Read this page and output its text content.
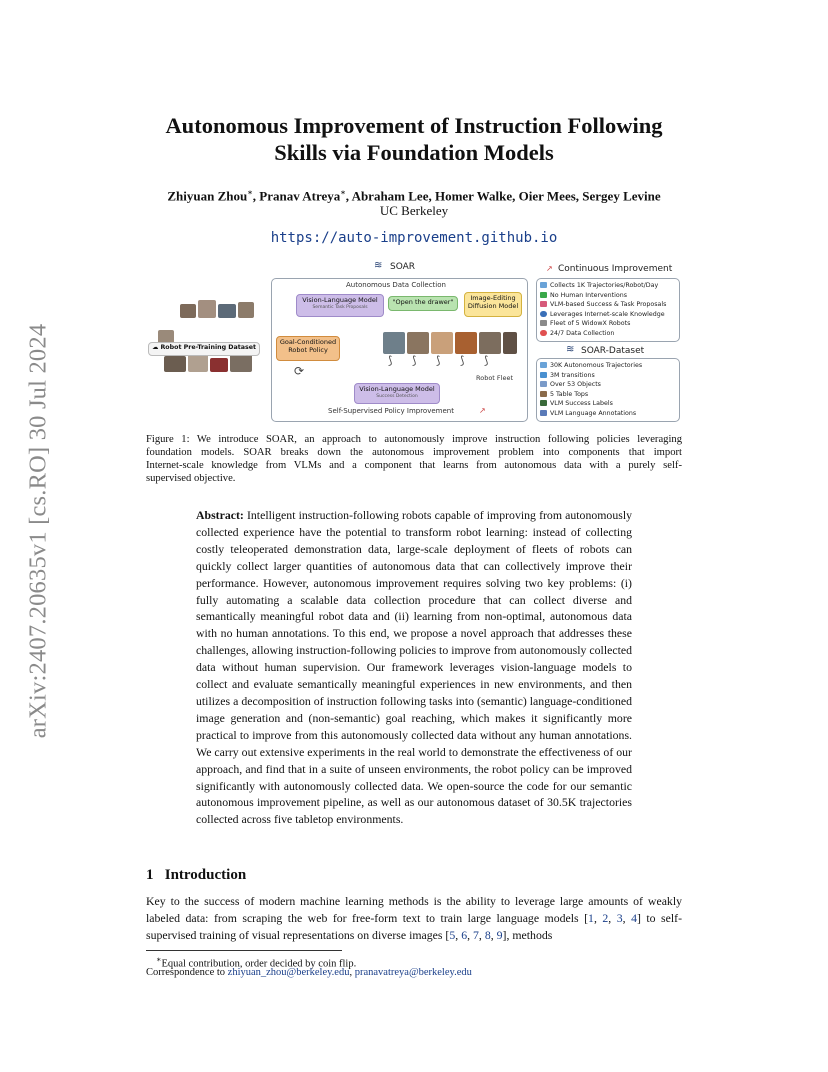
arXiv:2407.20635v1 [cs.RO] 30 Jul 2024
Autonomous Improvement of Instruction Following
Skills via Foundation Models
Zhiyuan Zhou∗, Pranav Atreya∗, Abraham Lee, Homer Walke, Oier Mees, Sergey Levine
UC Berkeley
https://auto-improvement.github.io
≋ SOAR
Autonomous Data Collection
Vision-Language Model
Semantic Task Proposals
"Open the drawer"	Image-Editing
Diffusion Model
☁ Robot Pre-Training Dataset
Goal-Conditioned
Robot Policy
⟳
⟆ ⟆ ⟆ ⟆ ⟆
Robot Fleet
Vision-Language Model
Success Detection
Self-Supervised Policy Improvement	↗
↗ Continuous Improvement
Collects 1K Trajectories/Robot/Day
No Human Interventions
VLM-based Success & Task Proposals
Leverages Internet-scale Knowledge
Fleet of 5 WidowX Robots
24/7 Data Collection
≋ SOAR-Dataset
30K Autonomous Trajectories
3M transitions
Over 53 Objects
5 Table Tops
VLM Success Labels
VLM Language Annotations
Figure 1: We introduce SOAR, an approach to autonomously improve instruction following policies leveraging
foundation models. SOAR breaks down the autonomous improvement problem into components that import
Internet-scale knowledge from VLMs and a component that learns from autonomous data with a purely self-
supervised objective.
Abstract: Intelligent instruction-following robots capable of improving from autonomously collected experience have the potential to transform robot learning: instead of collecting costly teleoperated demonstration data, large-scale deployment of fleets of robots can quickly collect larger quantities of autonomous data that can collectively improve their performance. However, autonomous improvement requires solving two key problems: (i) fully automating a scalable data collection procedure that can collect diverse and semantically meaningful robot data and (ii) learning from non-optimal, autonomous data with no human annotations. To this end, we propose a novel approach that addresses these challenges, allowing instruction-following policies to improve from autonomously collected data without human supervision. Our framework leverages vision-language models to collect and evaluate semantically meaningful experiences in new environments, and then utilizes a decomposition of instruction following tasks into (semantic) language-conditioned image generation and (non-semantic) goal reaching, which makes it significantly more practical to improve from this autonomously collected data without any human annotations. We carry out extensive experiments in the real world to demonstrate the effectiveness of our approach, and find that in a suite of unseen environments, the robot policy can be improved significantly with autonomously collected data. We open-source the code for our semantic autonomous improvement pipeline, as well as our autonomous dataset of 30.5K trajectories collected across five tabletop environments.
1 Introduction
Key to the success of modern machine learning methods is the ability to leverage large amounts of weakly labeled data: from scraping the web for free-form text to train large language models [1, 2, 3, 4] to self-supervised training of visual representations on diverse images [5, 6, 7, 8, 9], methods
∗Equal contribution, order decided by coin flip.
Correspondence to zhiyuan_zhou@berkeley.edu, pranavatreya@berkeley.edu
